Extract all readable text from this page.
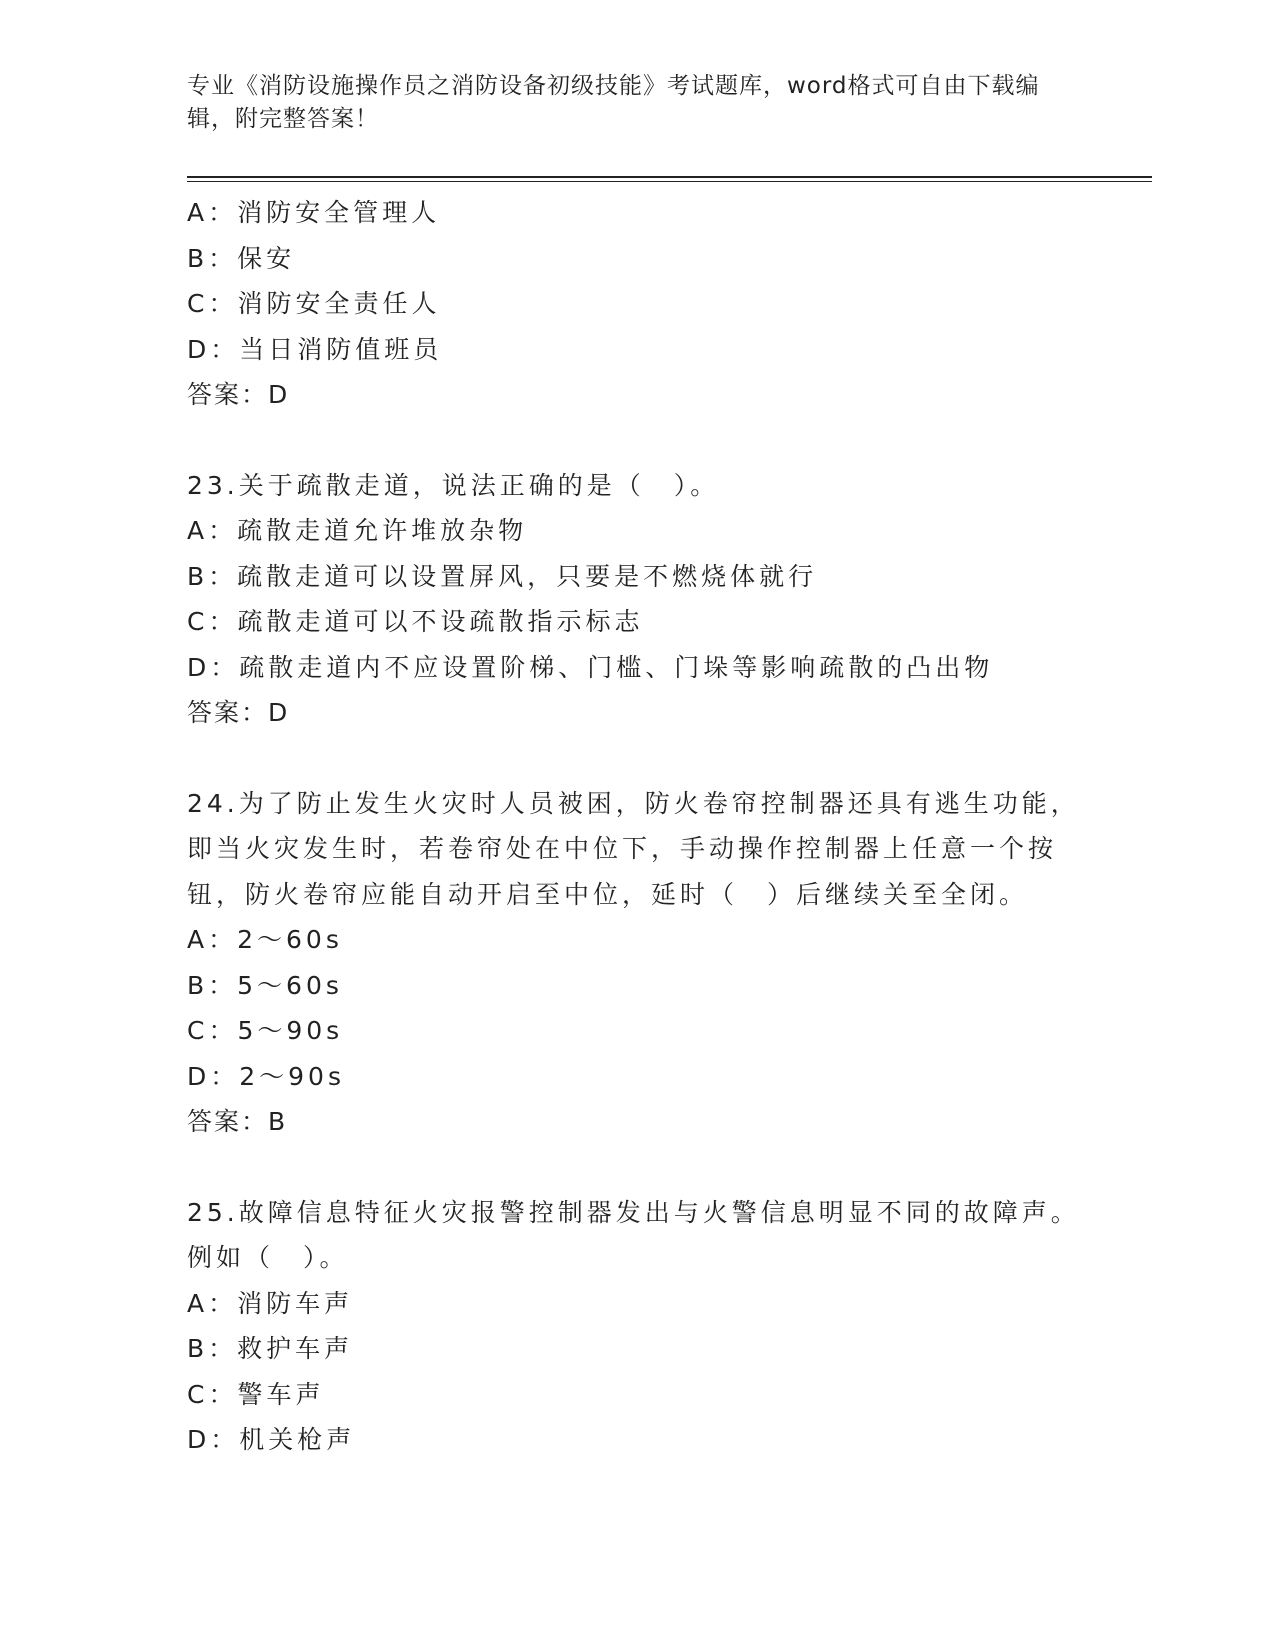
专业《消防设施操作员之消防设备初级技能》考试题库，word格式可自由下载编
辑，附完整答案！
A：消防安全管理人
B：保安
C：消防安全责任人
D：当日消防值班员
答案：D
23.关于疏散走道，说法正确的是（　）。
A：疏散走道允许堆放杂物
B：疏散走道可以设置屏风，只要是不燃烧体就行
C：疏散走道可以不设疏散指示标志
D：疏散走道内不应设置阶梯、门槛、门垛等影响疏散的凸出物
答案：D
24.为了防止发生火灾时人员被困，防火卷帘控制器还具有逃生功能，
即当火灾发生时，若卷帘处在中位下，手动操作控制器上任意一个按
钮，防火卷帘应能自动开启至中位，延时（　）后继续关至全闭。
A：2～60s
B：5～60s
C：5～90s
D：2～90s
答案：B
25.故障信息特征火灾报警控制器发出与火警信息明显不同的故障声。
例如（　）。
A：消防车声
B：救护车声
C：警车声
D：机关枪声
